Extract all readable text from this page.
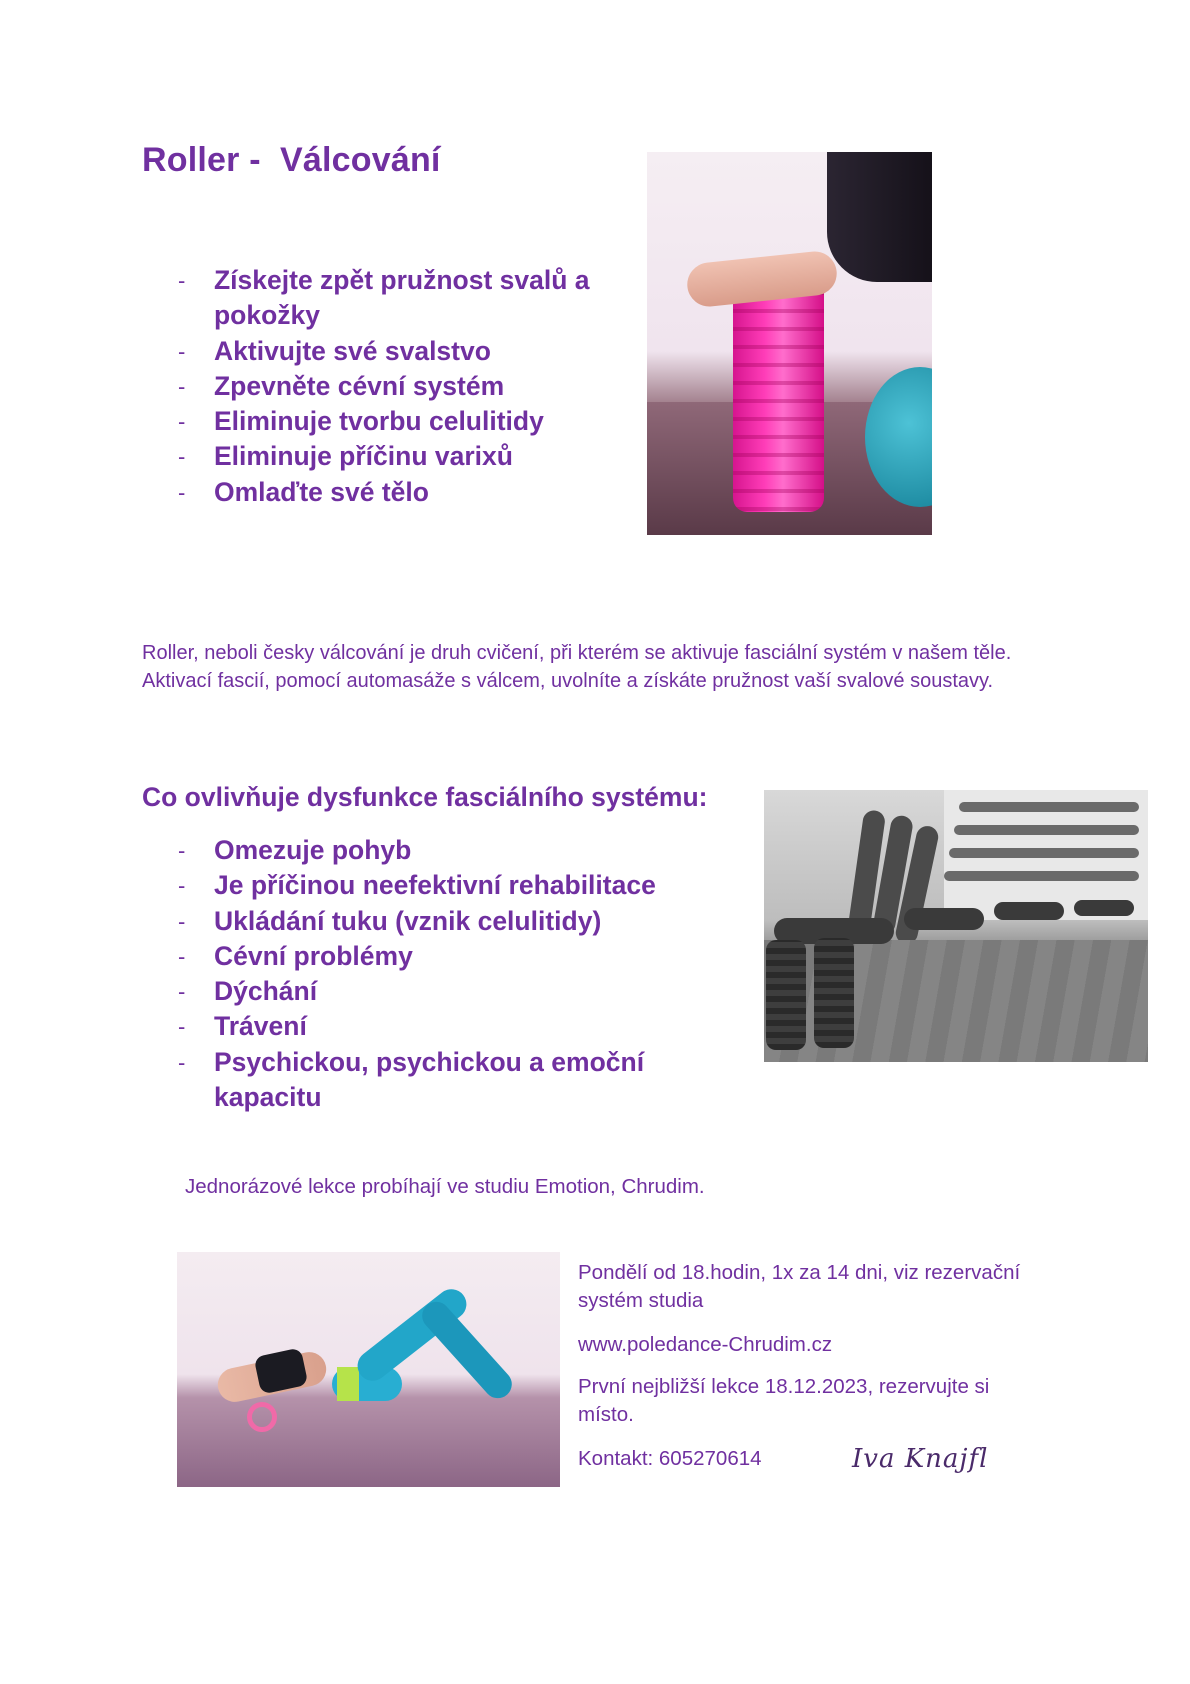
Roller -  Válcování
- Získejte zpět pružnost svalů a pokožky
- Aktivujte své svalstvo
- Zpevněte cévní systém
- Eliminuje tvorbu celulitidy
- Eliminuje příčinu varixů
- Omlaďte své tělo

Roller, neboli česky válcování je druh cvičení, při kterém se aktivuje fasciální systém v našem těle. Aktivací fascií, pomocí automasáže s válcem, uvolníte a získáte pružnost vaší svalové soustavy.

Co ovlivňuje dysfunkce fasciálního systému:
- Omezuje pohyb
- Je příčinou neefektivní rehabilitace
- Ukládání tuku (vznik celulitidy)
- Cévní problémy
- Dýchání
- Trávení
- Psychickou, psychickou a emoční kapacitu

Jednorázové lekce probíhají ve studiu Emotion, Chrudim.

Pondělí od 18.hodin, 1x za 14 dni, viz rezervační systém studia

www.poledance-Chrudim.cz

První nejbližší lekce 18.12.2023, rezervujte si místo.

Kontakt: 605270614	Iva Knajfl
